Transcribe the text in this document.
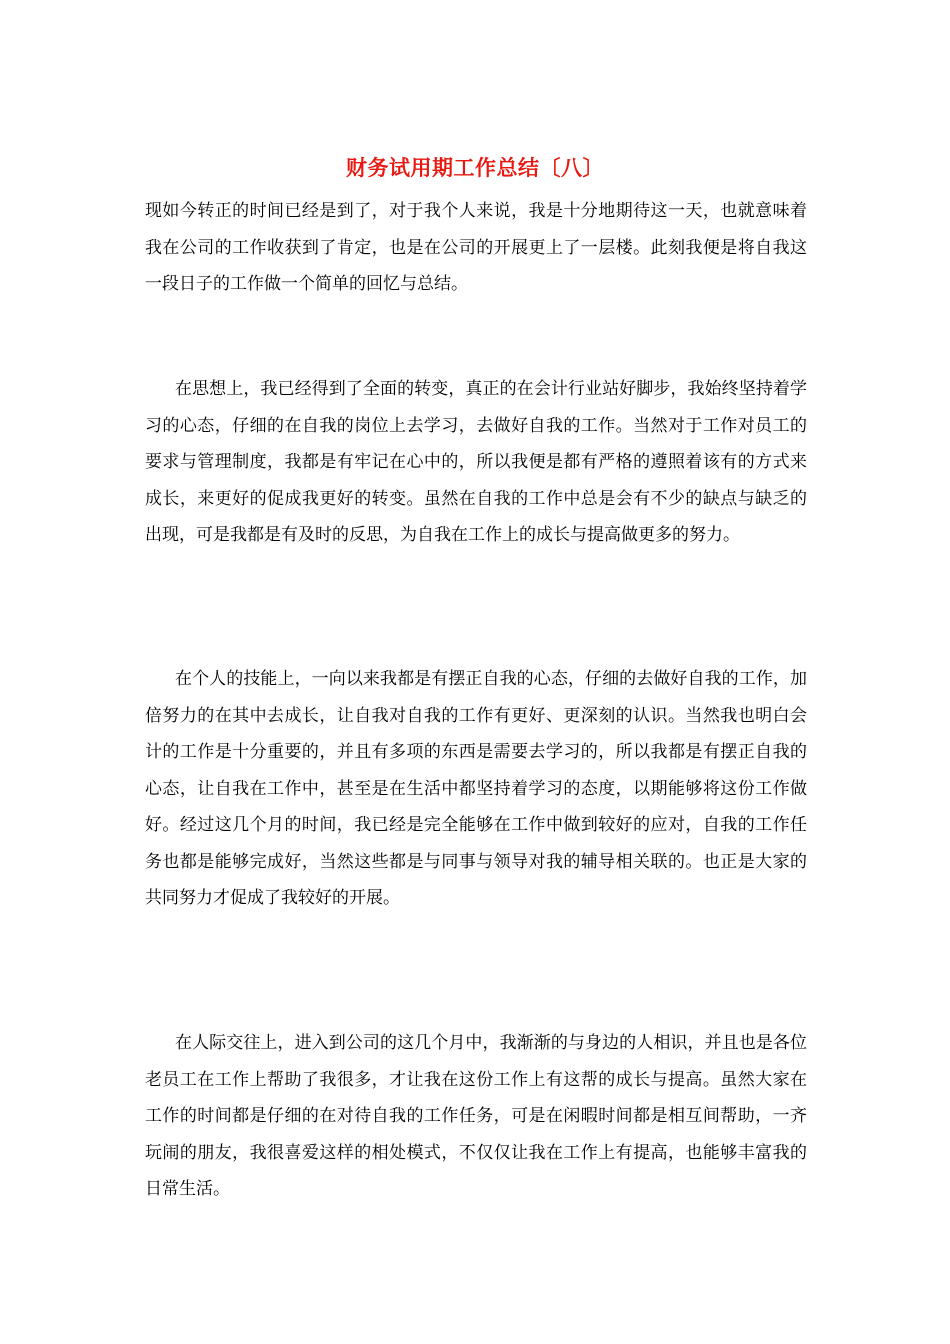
财务试用期工作总结〔八〕

现如今转正的时间已经是到了，对于我个人来说，我是十分地期待这一天，也就意味着我在公司的工作收获到了肯定，也是在公司的开展更上了一层楼。此刻我便是将自我这一段日子的工作做一个简单的回忆与总结。

在思想上，我已经得到了全面的转变，真正的在会计行业站好脚步，我始终坚持着学习的心态，仔细的在自我的岗位上去学习，去做好自我的工作。当然对于工作对员工的要求与管理制度，我都是有牢记在心中的，所以我便是都有严格的遵照着该有的方式来成长，来更好的促成我更好的转变。虽然在自我的工作中总是会有不少的缺点与缺乏的出现，可是我都是有及时的反思，为自我在工作上的成长与提高做更多的努力。

在个人的技能上，一向以来我都是有摆正自我的心态，仔细的去做好自我的工作，加倍努力的在其中去成长，让自我对自我的工作有更好、更深刻的认识。当然我也明白会计的工作是十分重要的，并且有多项的东西是需要去学习的，所以我都是有摆正自我的心态，让自我在工作中，甚至是在生活中都坚持着学习的态度，以期能够将这份工作做好。经过这几个月的时间，我已经是完全能够在工作中做到较好的应对，自我的工作任务也都是能够完成好，当然这些都是与同事与领导对我的辅导相关联的。也正是大家的共同努力才促成了我较好的开展。

在人际交往上，进入到公司的这几个月中，我渐渐的与身边的人相识，并且也是各位老员工在工作上帮助了我很多，才让我在这份工作上有这帮的成长与提高。虽然大家在工作的时间都是仔细的在对待自我的工作任务，可是在闲暇时间都是相互间帮助，一齐玩闹的朋友，我很喜爱这样的相处模式，不仅仅让我在工作上有提高，也能够丰富我的日常生活。
